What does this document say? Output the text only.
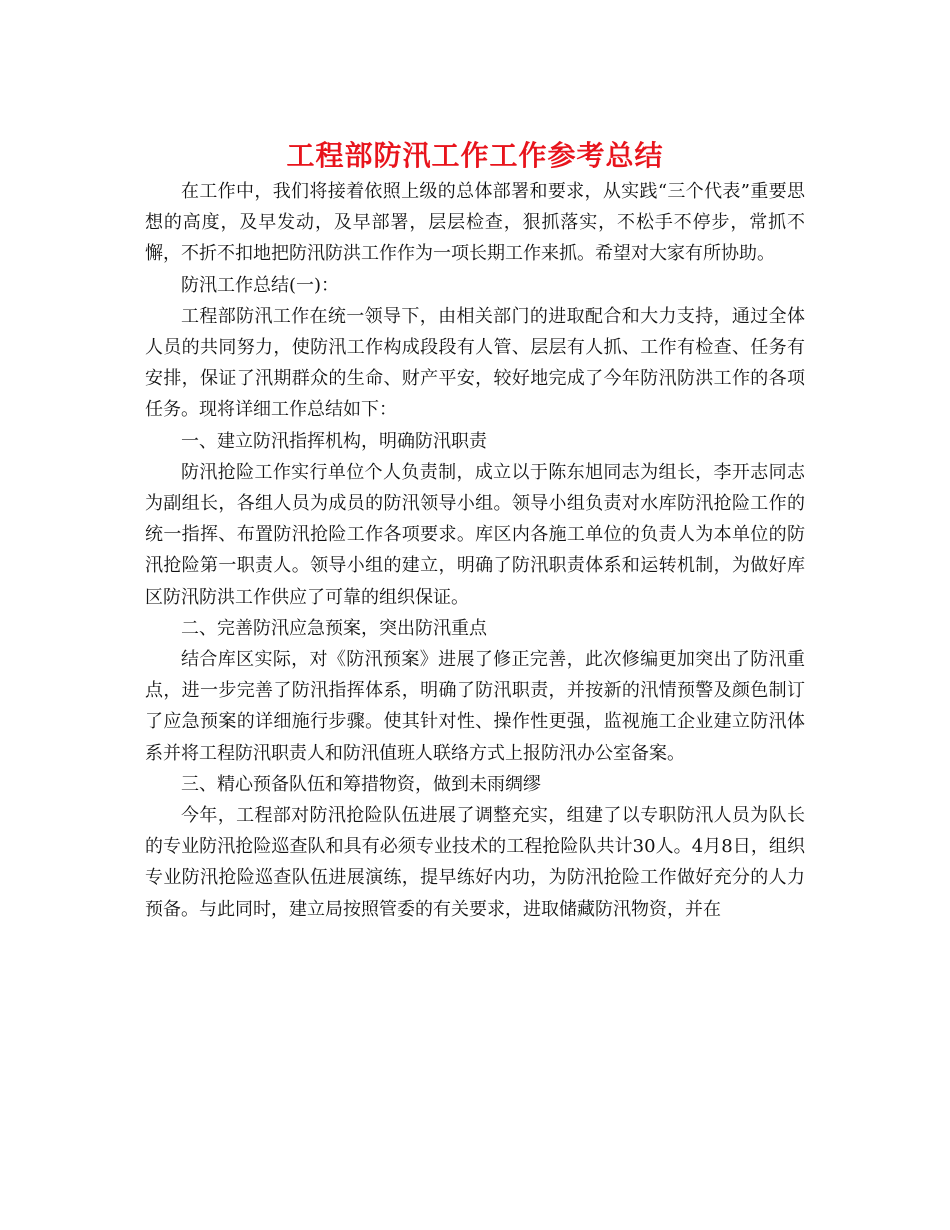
工程部防汛工作工作参考总结

在工作中，我们将接着依照上级的总体部署和要求，从实践“三个代表”重要思想的高度，及早发动，及早部署，层层检查，狠抓落实，不松手不停步，常抓不懈，不折不扣地把防汛防洪工作作为一项长期工作来抓。希望对大家有所协助。

防汛工作总结(一)：

工程部防汛工作在统一领导下，由相关部门的进取配合和大力支持，通过全体人员的共同努力，使防汛工作构成段段有人管、层层有人抓、工作有检查、任务有安排，保证了汛期群众的生命、财产平安，较好地完成了今年防汛防洪工作的各项任务。现将详细工作总结如下：

一、建立防汛指挥机构，明确防汛职责

防汛抢险工作实行单位个人负责制，成立以于陈东旭同志为组长，李开志同志为副组长，各组人员为成员的防汛领导小组。领导小组负责对水库防汛抢险工作的统一指挥、布置防汛抢险工作各项要求。库区内各施工单位的负责人为本单位的防汛抢险第一职责人。领导小组的建立，明确了防汛职责体系和运转机制，为做好库区防汛防洪工作供应了可靠的组织保证。

二、完善防汛应急预案，突出防汛重点

结合库区实际，对《防汛预案》进展了修正完善，此次修编更加突出了防汛重点，进一步完善了防汛指挥体系，明确了防汛职责，并按新的汛情预警及颜色制订了应急预案的详细施行步骤。使其针对性、操作性更强，监视施工企业建立防汛体系并将工程防汛职责人和防汛值班人联络方式上报防汛办公室备案。

三、精心预备队伍和筹措物资，做到未雨绸缪

今年，工程部对防汛抢险队伍进展了调整充实，组建了以专职防汛人员为队长的专业防汛抢险巡查队和具有必须专业技术的工程抢险队共计30人。4月8日，组织专业防汛抢险巡查队伍进展演练，提早练好内功，为防汛抢险工作做好充分的人力预备。与此同时，建立局按照管委的有关要求，进取储藏防汛物资，并在
